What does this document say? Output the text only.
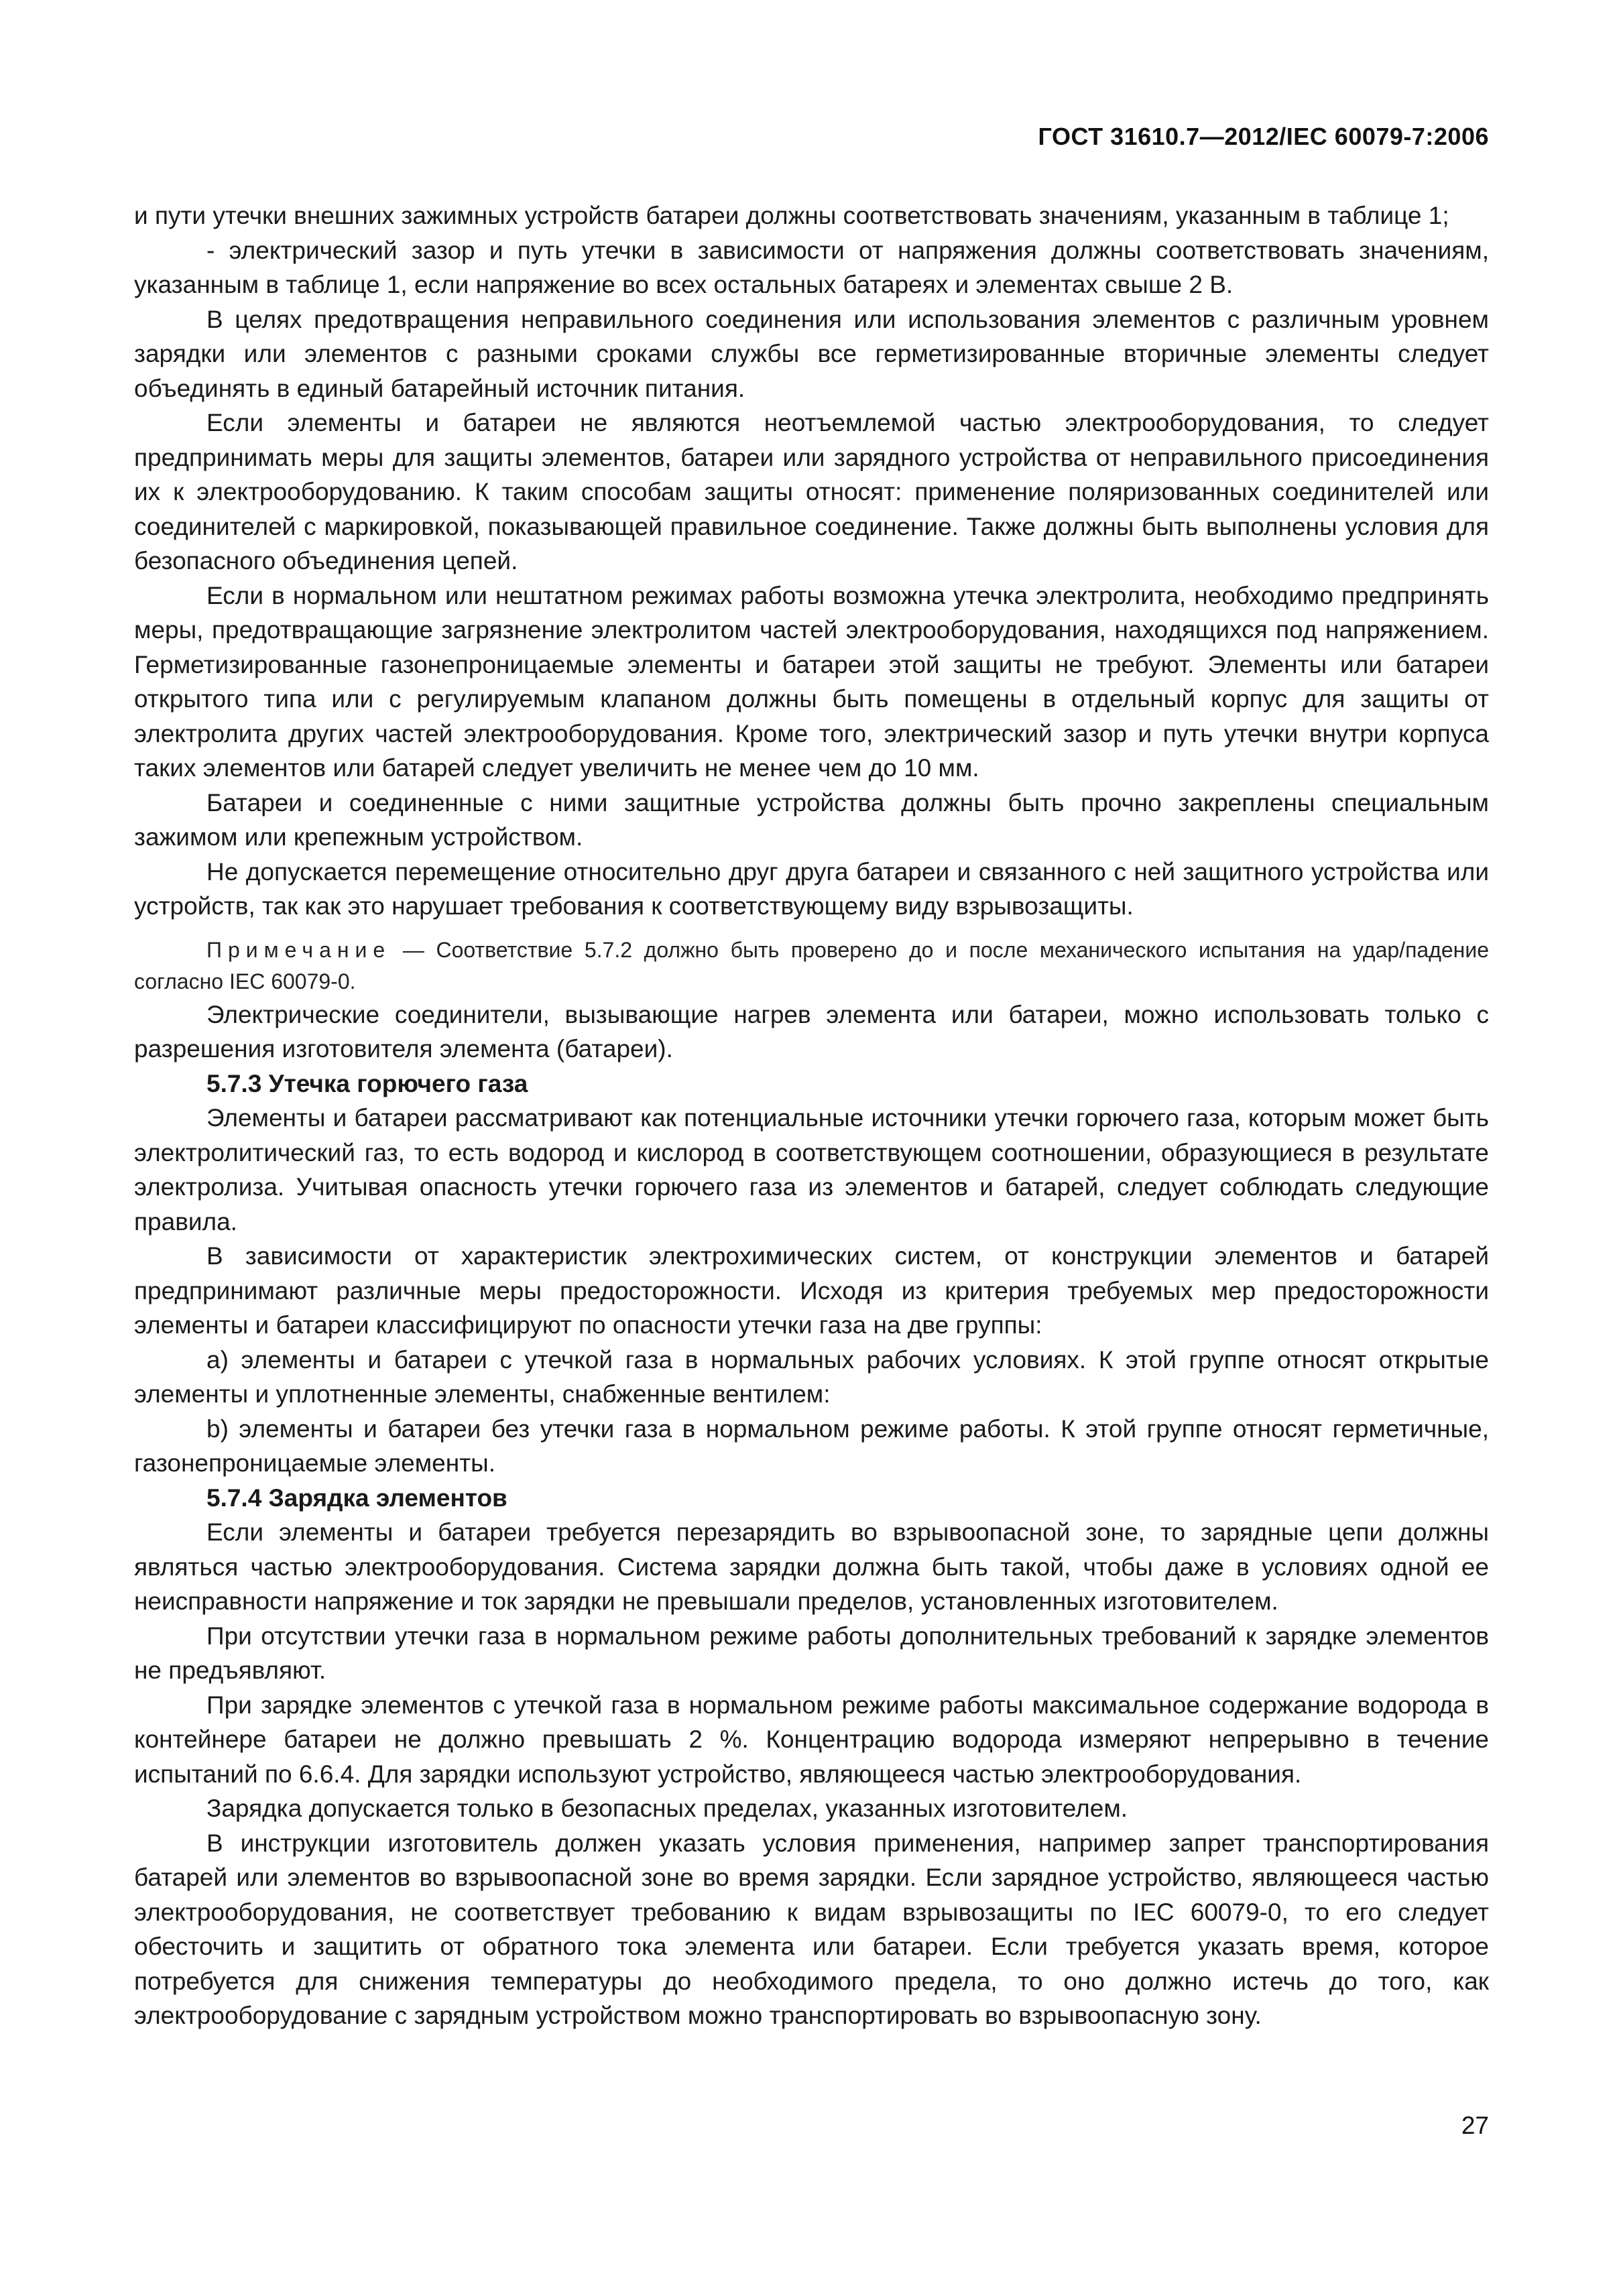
ГОСТ 31610.7—2012/IEC 60079-7:2006

и пути утечки внешних зажимных устройств батареи должны соответствовать значениям, указанным в таблице 1;

- электрический зазор и путь утечки в зависимости от напряжения должны соответствовать значениям, указанным в таблице 1, если напряжение во всех остальных батареях и элементах свыше 2 В.

В целях предотвращения неправильного соединения или использования элементов с различным уровнем зарядки или элементов с разными сроками службы все герметизированные вторичные элементы следует объединять в единый батарейный источник питания.

Если элементы и батареи не являются неотъемлемой частью электрооборудования, то следует предпринимать меры для защиты элементов, батареи или зарядного устройства от неправильного присоединения их к электрооборудованию. К таким способам защиты относят: применение поляризованных соединителей или соединителей с маркировкой, показывающей правильное соединение. Также должны быть выполнены условия для безопасного объединения цепей.

Если в нормальном или нештатном режимах работы возможна утечка электролита, необходимо предпринять меры, предотвращающие загрязнение электролитом частей электрооборудования, находящихся под напряжением. Герметизированные газонепроницаемые элементы и батареи этой защиты не требуют. Элементы или батареи открытого типа или с регулируемым клапаном должны быть помещены в отдельный корпус для защиты от электролита других частей электрооборудования. Кроме того, электрический зазор и путь утечки внутри корпуса таких элементов или батарей следует увеличить не менее чем до 10 мм.

Батареи и соединенные с ними защитные устройства должны быть прочно закреплены специальным зажимом или крепежным устройством.

Не допускается перемещение относительно друг друга батареи и связанного с ней защитного устройства или устройств, так как это нарушает требования к соответствующему виду взрывозащиты.

Примечание — Соответствие 5.7.2 должно быть проверено до и после механического испытания на удар/падение согласно IEC 60079-0.

Электрические соединители, вызывающие нагрев элемента или батареи, можно использовать только с разрешения изготовителя элемента (батареи).

5.7.3 Утечка горючего газа

Элементы и батареи рассматривают как потенциальные источники утечки горючего газа, которым может быть электролитический газ, то есть водород и кислород в соответствующем соотношении, образующиеся в результате электролиза. Учитывая опасность утечки горючего газа из элементов и батарей, следует соблюдать следующие правила.

В зависимости от характеристик электрохимических систем, от конструкции элементов и батарей предпринимают различные меры предосторожности. Исходя из критерия требуемых мер предосторожности элементы и батареи классифицируют по опасности утечки газа на две группы:

a) элементы и батареи с утечкой газа в нормальных рабочих условиях. К этой группе относят открытые элементы и уплотненные элементы, снабженные вентилем:

b) элементы и батареи без утечки газа в нормальном режиме работы. К этой группе относят герметичные, газонепроницаемые элементы.

5.7.4 Зарядка элементов

Если элементы и батареи требуется перезарядить во взрывоопасной зоне, то зарядные цепи должны являться частью электрооборудования. Система зарядки должна быть такой, чтобы даже в условиях одной ее неисправности напряжение и ток зарядки не превышали пределов, установленных изготовителем.

При отсутствии утечки газа в нормальном режиме работы дополнительных требований к зарядке элементов не предъявляют.

При зарядке элементов с утечкой газа в нормальном режиме работы максимальное содержание водорода в контейнере батареи не должно превышать 2 %. Концентрацию водорода измеряют непрерывно в течение испытаний по 6.6.4. Для зарядки используют устройство, являющееся частью электрооборудования.

Зарядка допускается только в безопасных пределах, указанных изготовителем.

В инструкции изготовитель должен указать условия применения, например запрет транспортирования батарей или элементов во взрывоопасной зоне во время зарядки. Если зарядное устройство, являющееся частью электрооборудования, не соответствует требованию к видам взрывозащиты по IEC 60079-0, то его следует обесточить и защитить от обратного тока элемента или батареи. Если требуется указать время, которое потребуется для снижения температуры до необходимого предела, то оно должно истечь до того, как электрооборудование с зарядным устройством можно транспортировать во взрывоопасную зону.

27
